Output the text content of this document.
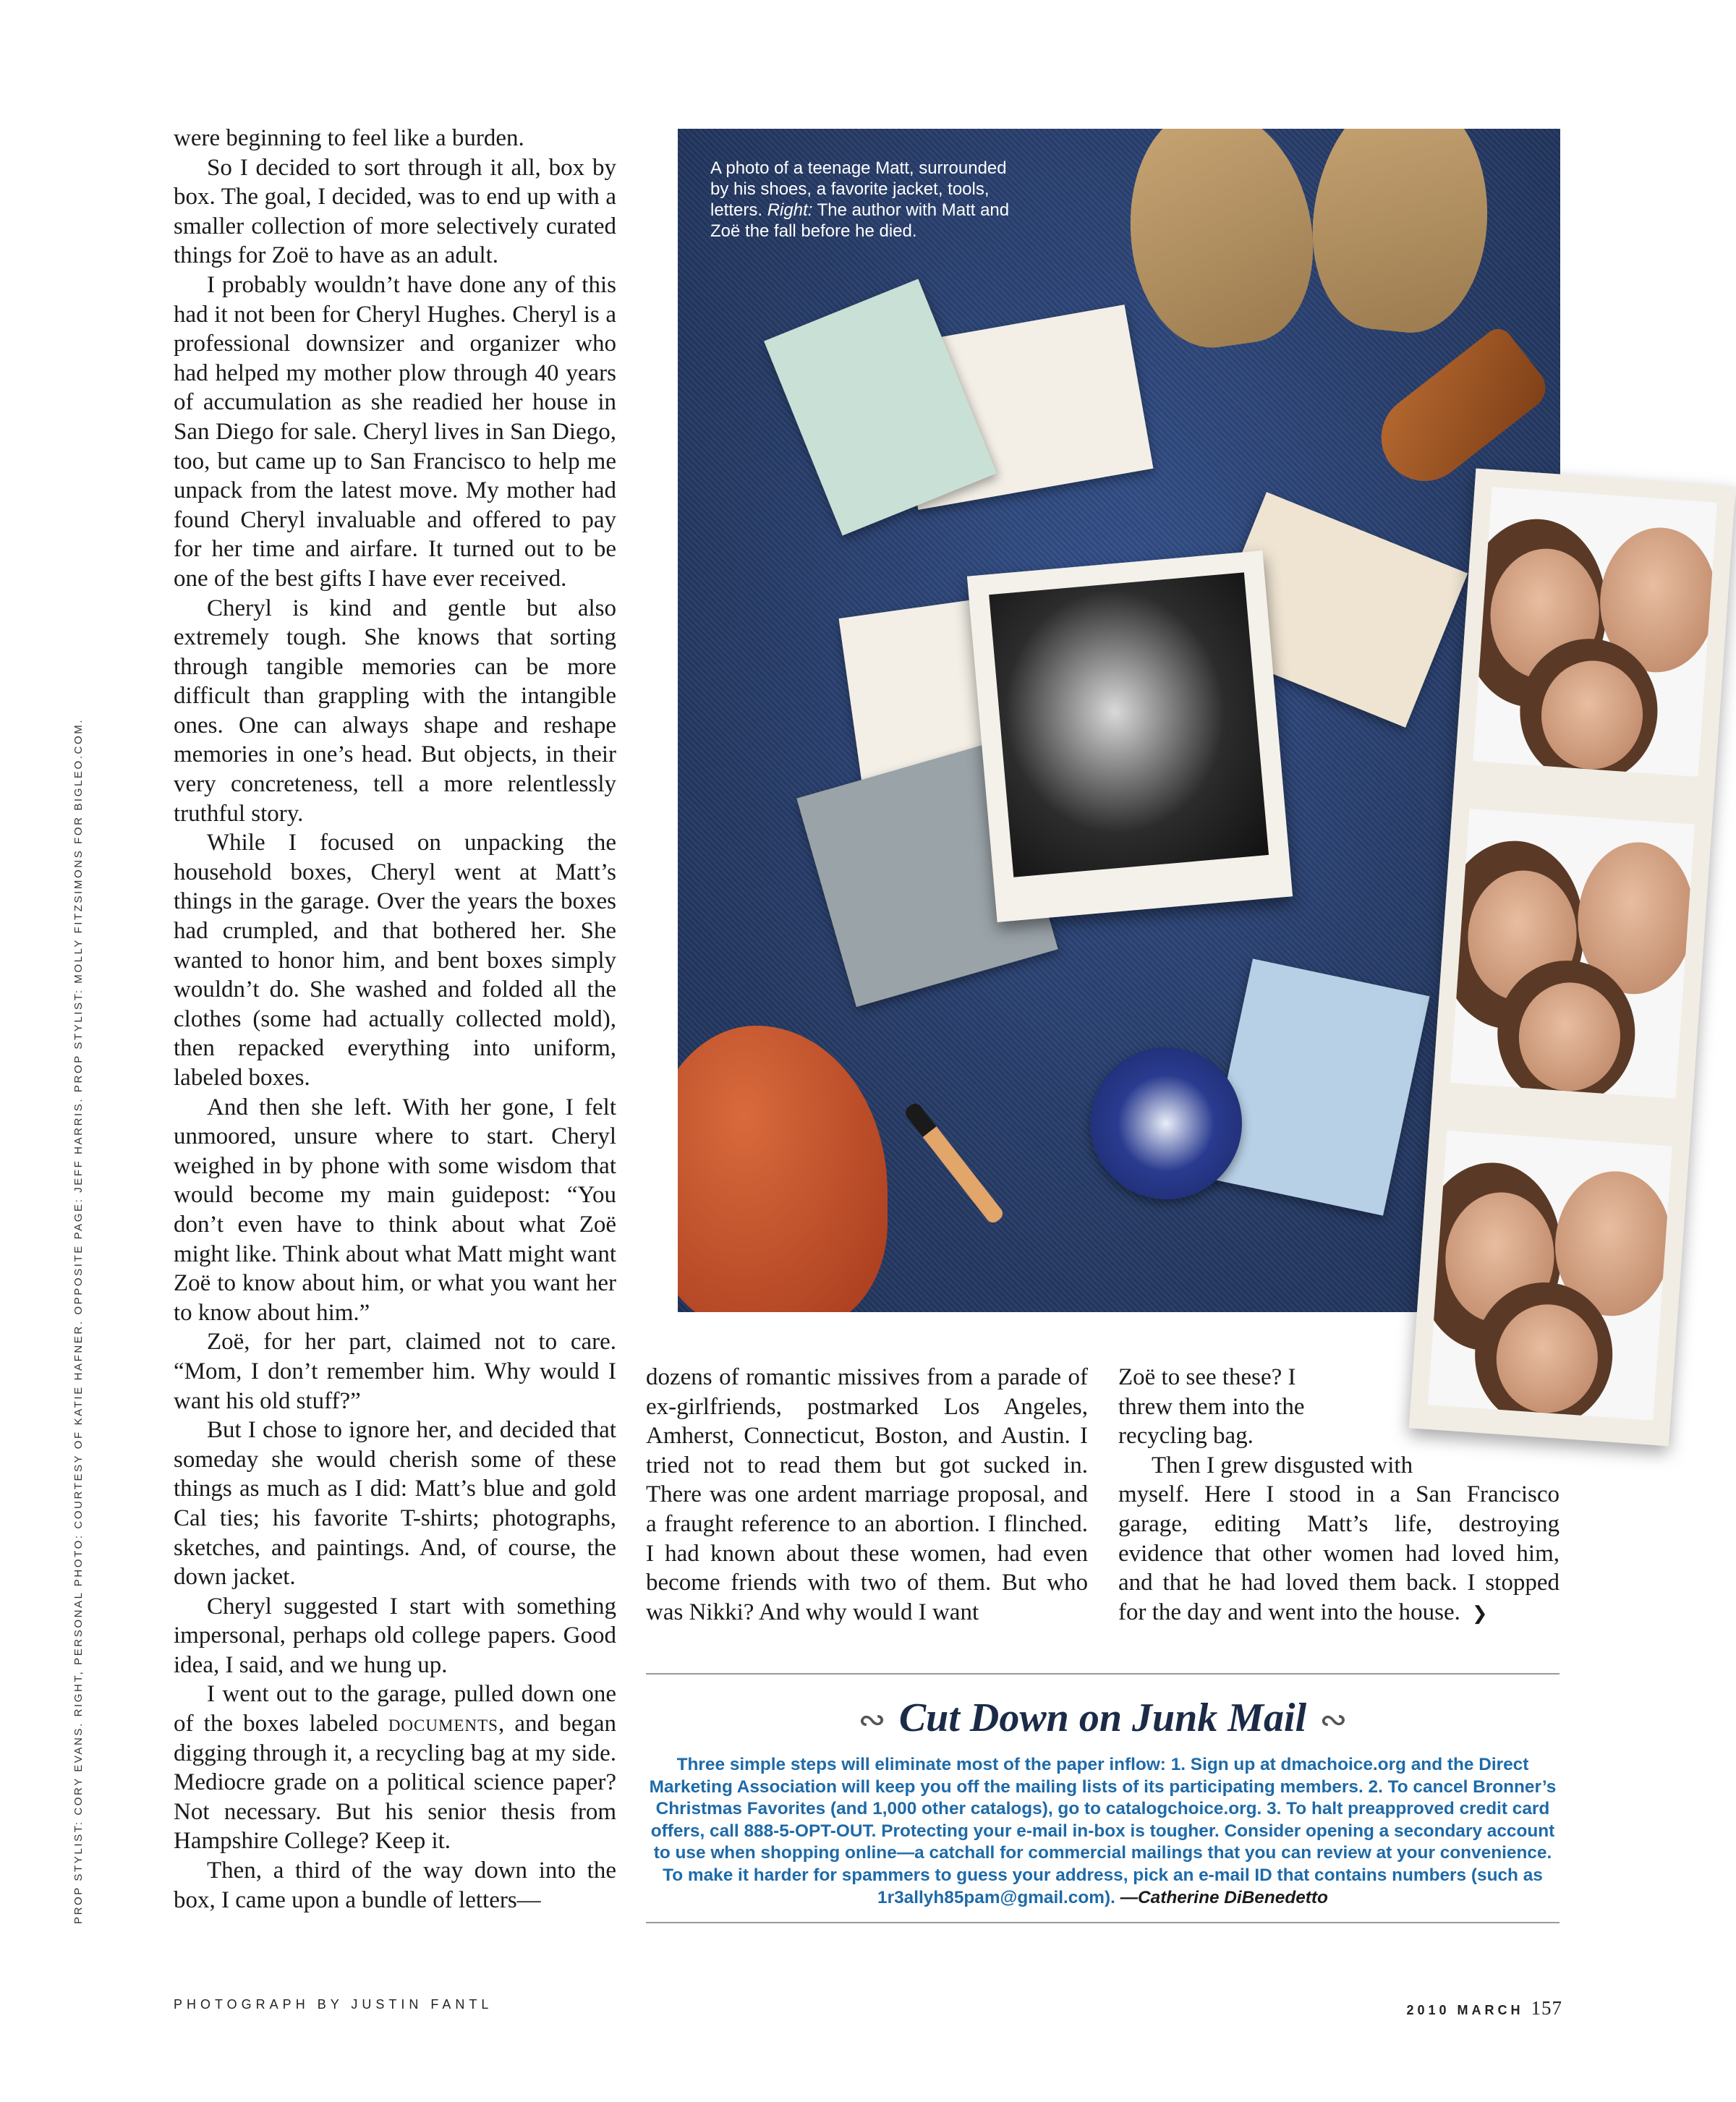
PROP STYLIST: CORY EVANS. RIGHT, PERSONAL PHOTO: COURTESY OF KATIE HAFNER. OPPOSITE PAGE: JEFF HARRIS. PROP STYLIST: MOLLY FITZSIMONS FOR BIGLEO.COM.

were beginning to feel like a burden.

So I decided to sort through it all, box by box. The goal, I decided, was to end up with a smaller collection of more selectively curated things for Zoë to have as an adult.

I probably wouldn’t have done any of this had it not been for Cheryl Hughes. Cheryl is a professional downsizer and organizer who had helped my mother plow through 40 years of accumulation as she readied her house in San Diego for sale. Cheryl lives in San Diego, too, but came up to San Francisco to help me unpack from the latest move. My mother had found Cheryl invaluable and offered to pay for her time and airfare. It turned out to be one of the best gifts I have ever received.

Cheryl is kind and gentle but also extremely tough. She knows that sorting through tangible memories can be more difficult than grappling with the intangible ones. One can always shape and reshape memories in one’s head. But objects, in their very concreteness, tell a more relentlessly truthful story.

While I focused on unpacking the household boxes, Cheryl went at Matt’s things in the garage. Over the years the boxes had crumpled, and that bothered her. She wanted to honor him, and bent boxes simply wouldn’t do. She washed and folded all the clothes (some had actually collected mold), then repacked everything into uniform, labeled boxes.

And then she left. With her gone, I felt unmoored, unsure where to start. Cheryl weighed in by phone with some wisdom that would become my main guidepost: “You don’t even have to think about what Zoë might like. Think about what Matt might want Zoë to know about him, or what you want her to know about him.”

Zoë, for her part, claimed not to care. “Mom, I don’t remember him. Why would I want his old stuff?”

But I chose to ignore her, and decided that someday she would cherish some of these things as much as I did: Matt’s blue and gold Cal ties; his favorite T-shirts; photographs, sketches, and paintings. And, of course, the down jacket.

Cheryl suggested I start with something impersonal, perhaps old college papers. Good idea, I said, and we hung up.

I went out to the garage, pulled down one of the boxes labeled documents, and began digging through it, a recycling bag at my side. Mediocre grade on a political science paper? Not necessary. But his senior thesis from Hampshire College? Keep it.

Then, a third of the way down into the box, I came upon a bundle of letters—

A photo of a teenage Matt, surrounded by his shoes, a favorite jacket, tools, letters. Right: The author with Matt and Zoë the fall before he died.

dozens of romantic missives from a parade of ex-girlfriends, postmarked Los Angeles, Amherst, Connecticut, Boston, and Austin. I tried not to read them but got sucked in. There was one ardent marriage proposal, and a fraught reference to an abortion. I flinched. I had known about these women, had even become friends with two of them. But who was Nikki? And why would I want

Zoë to see these? I
threw them into the
recycling bag.
Then I grew disgusted with

myself. Here I stood in a San Francisco garage, editing Matt’s life, destroying evidence that other women had loved him, and that he had loved them back. I stopped for the day and went into the house. ❯

∾ Cut Down on Junk Mail ∾
Three simple steps will eliminate most of the paper inflow: 1. Sign up at dmachoice.org and the Direct Marketing Association will keep you off the mailing lists of its participating members. 2. To cancel Bronner’s Christmas Favorites (and 1,000 other catalogs), go to catalogchoice.org. 3. To halt preapproved credit card offers, call 888-5-OPT-OUT. Protecting your e-mail in-box is tougher. Consider opening a secondary account to use when shopping online—a catchall for commercial mailings that you can review at your convenience. To make it harder for spammers to guess your address, pick an e-mail ID that contains numbers (such as 1r3allyh85pam@gmail.com). —Catherine DiBenedetto
PHOTOGRAPH BY JUSTIN FANTL	2010 MARCH 157
